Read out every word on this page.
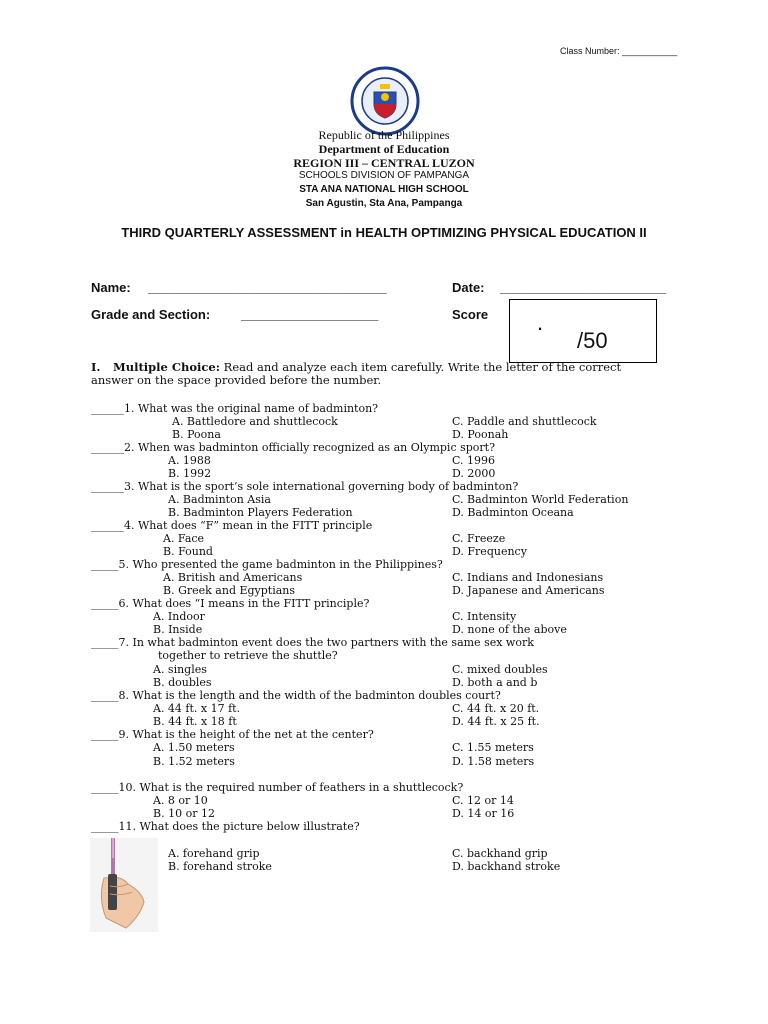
Class Number: ___________
Republic of the Philippines
Department of Education
REGION III – CENTRAL LUZON
SCHOOLS DIVISION OF PAMPANGA
STA ANA NATIONAL HIGH SCHOOL
San Agustin, Sta Ana, Pampanga
THIRD QUARTERLY ASSESSMENT in HEALTH OPTIMIZING PHYSICAL EDUCATION II
Name: _________________________________	Date: _______________________
Grade and Section: ___________________	Score .
/50
I. Multiple Choice: Read and analyze each item carefully. Write the letter of the correct answer on the space provided before the number.
______1. What was the original name of badminton?
A. Battledore and shuttlecock	C. Paddle and shuttlecock
B. Poona	D. Poonah
______2. When was badminton officially recognized as an Olympic sport?
A. 1988	C. 1996
B. 1992	D. 2000
______3. What is the sport’s sole international governing body of badminton?
A. Badminton Asia	C. Badminton World Federation
B. Badminton Players Federation	D. Badminton Oceana
______4. What does “F” mean in the FITT principle
A. Face	C. Freeze
B. Found	D. Frequency
_____5. Who presented the game badminton in the Philippines?
A. British and Americans	C. Indians and Indonesians
B. Greek and Egyptians	D. Japanese and Americans
_____6. What does “I means in the FITT principle?
A. Indoor	C. Intensity
B. Inside	D. none of the above
_____7. In what badminton event does the two partners with the same sex work
together to retrieve the shuttle?
A. singles	C. mixed doubles
B. doubles	D. both a and b
_____8. What is the length and the width of the badminton doubles court?
A. 44 ft. x 17 ft.	C. 44 ft. x 20 ft.
B. 44 ft. x 18 ft	D. 44 ft. x 25 ft.
_____9. What is the height of the net at the center?
A. 1.50 meters	C. 1.55 meters
B. 1.52 meters	D. 1.58 meters
_____10. What is the required number of feathers in a shuttlecock?
A. 8 or 10	C. 12 or 14
B. 10 or 12	D. 14 or 16
_____11. What does the picture below illustrate?
A. forehand grip	C. backhand grip
B. forehand stroke	D. backhand stroke
